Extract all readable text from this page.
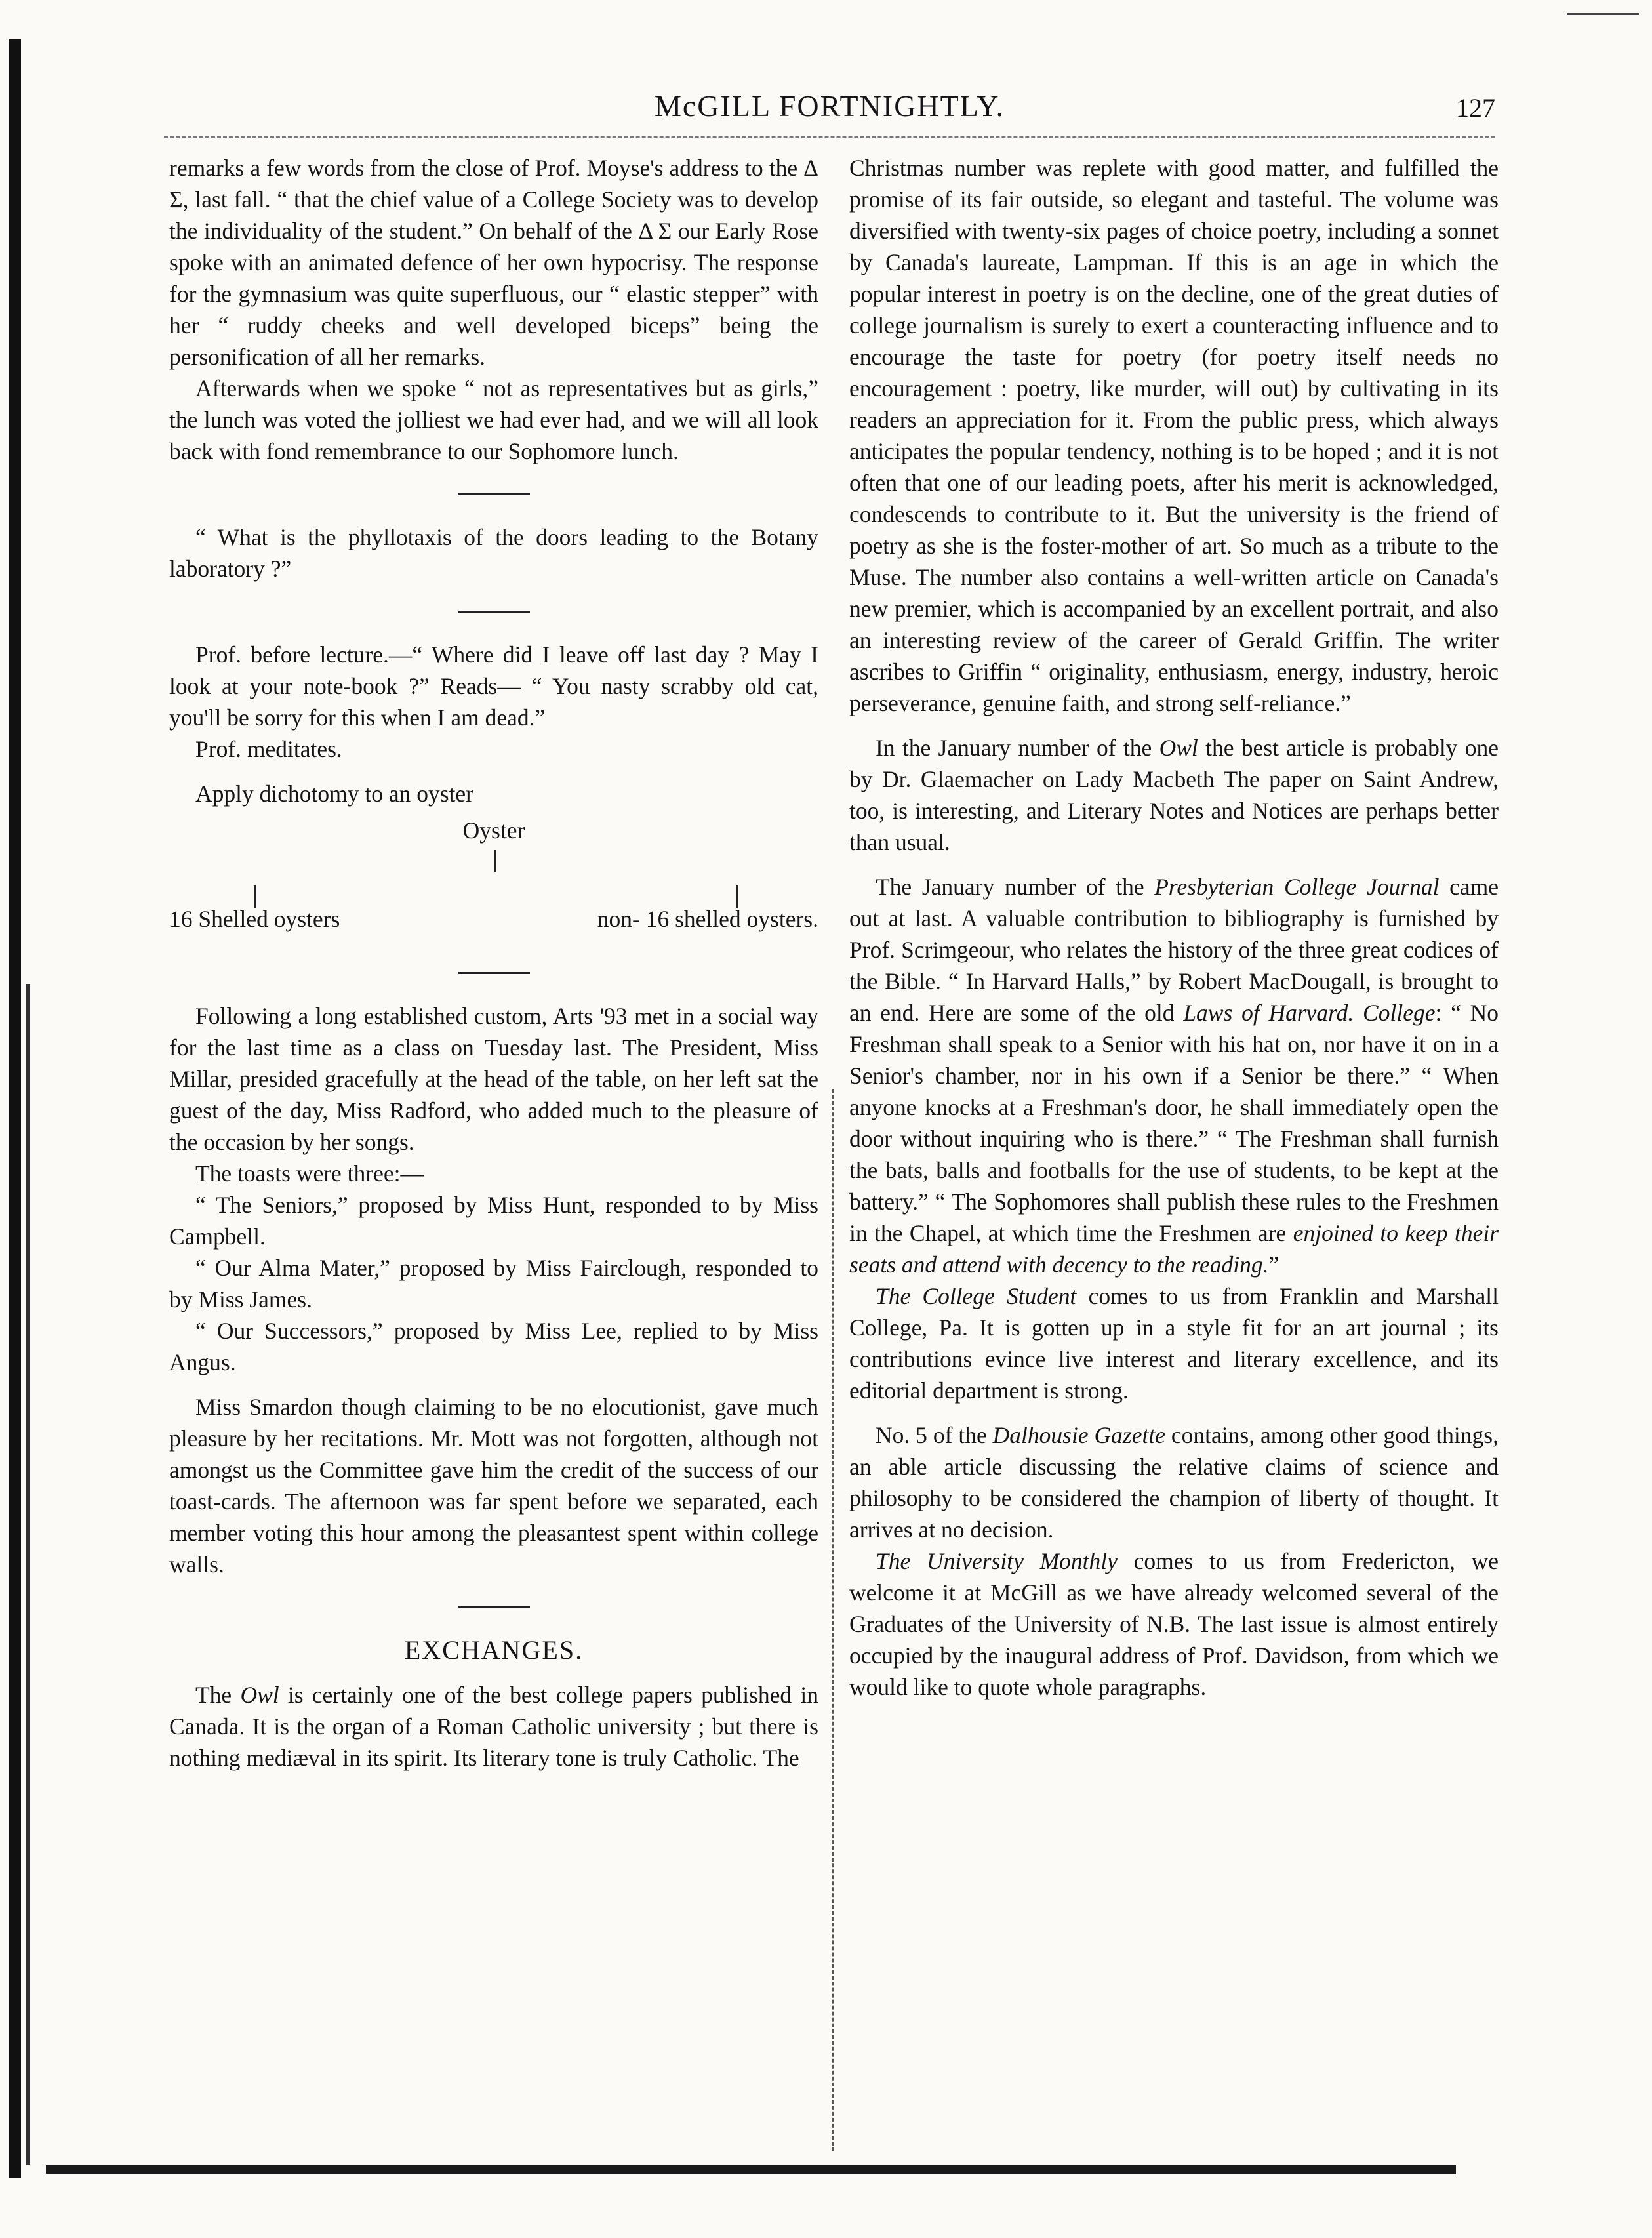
McGILL FORTNIGHTLY.	127

remarks a few words from the close of Prof. Moyse's address to the Δ Σ, last fall. “ that the chief value of a College Society was to develop the individuality of the student.” On behalf of the Δ Σ our Early Rose spoke with an animated defence of her own hypocrisy. The response for the gymnasium was quite superfluous, our “ elastic stepper” with her “ ruddy cheeks and well developed biceps” being the personification of all her remarks.

Afterwards when we spoke “ not as representatives but as girls,” the lunch was voted the jolliest we had ever had, and we will all look back with fond remembrance to our Sophomore lunch.

“ What is the phyllotaxis of the doors leading to the Botany laboratory ?”

Prof. before lecture.—“ Where did I leave off last day ? May I look at your note-book ?” Reads— “ You nasty scrabby old cat, you'll be sorry for this when I am dead.”

Prof. meditates.

Apply dichotomy to an oyster

Oyster
16 Shelled oysters	non- 16 shelled oysters.

Following a long established custom, Arts '93 met in a social way for the last time as a class on Tuesday last. The President, Miss Millar, presided gracefully at the head of the table, on her left sat the guest of the day, Miss Radford, who added much to the pleasure of the occasion by her songs.

The toasts were three:—

“ The Seniors,” proposed by Miss Hunt, responded to by Miss Campbell.

“ Our Alma Mater,” proposed by Miss Fairclough, responded to by Miss James.

“ Our Successors,” proposed by Miss Lee, replied to by Miss Angus.

Miss Smardon though claiming to be no elocutionist, gave much pleasure by her recitations. Mr. Mott was not forgotten, although not amongst us the Committee gave him the credit of the success of our toast-cards. The afternoon was far spent before we separated, each member voting this hour among the pleasantest spent within college walls.

EXCHANGES.

The Owl is certainly one of the best college papers published in Canada. It is the organ of a Roman Catholic university ; but there is nothing mediæval in its spirit. Its literary tone is truly Catholic. The

Christmas number was replete with good matter, and fulfilled the promise of its fair outside, so elegant and tasteful. The volume was diversified with twenty-six pages of choice poetry, including a sonnet by Canada's laureate, Lampman. If this is an age in which the popular interest in poetry is on the decline, one of the great duties of college journalism is surely to exert a counteracting influence and to encourage the taste for poetry (for poetry itself needs no encouragement : poetry, like murder, will out) by cultivating in its readers an appreciation for it. From the public press, which always anticipates the popular tendency, nothing is to be hoped ; and it is not often that one of our leading poets, after his merit is acknowledged, condescends to contribute to it. But the university is the friend of poetry as she is the foster-mother of art. So much as a tribute to the Muse. The number also contains a well-written article on Canada's new premier, which is accompanied by an excellent portrait, and also an interesting review of the career of Gerald Griffin. The writer ascribes to Griffin “ originality, enthusiasm, energy, industry, heroic perseverance, genuine faith, and strong self-reliance.”

In the January number of the Owl the best article is probably one by Dr. Glaemacher on Lady Macbeth The paper on Saint Andrew, too, is interesting, and Literary Notes and Notices are perhaps better than usual.

The January number of the Presbyterian College Journal came out at last. A valuable contribution to bibliography is furnished by Prof. Scrimgeour, who relates the history of the three great codices of the Bible. “ In Harvard Halls,” by Robert MacDougall, is brought to an end. Here are some of the old Laws of Harvard. College: “ No Freshman shall speak to a Senior with his hat on, nor have it on in a Senior's chamber, nor in his own if a Senior be there.” “ When anyone knocks at a Freshman's door, he shall immediately open the door without inquiring who is there.” “ The Freshman shall furnish the bats, balls and footballs for the use of students, to be kept at the battery.” “ The Sophomores shall publish these rules to the Freshmen in the Chapel, at which time the Freshmen are enjoined to keep their seats and attend with decency to the reading.”

The College Student comes to us from Franklin and Marshall College, Pa. It is gotten up in a style fit for an art journal ; its contributions evince live interest and literary excellence, and its editorial department is strong.

No. 5 of the Dalhousie Gazette contains, among other good things, an able article discussing the relative claims of science and philosophy to be considered the champion of liberty of thought. It arrives at no decision.

The University Monthly comes to us from Fredericton, we welcome it at McGill as we have already welcomed several of the Graduates of the University of N.B. The last issue is almost entirely occupied by the inaugural address of Prof. Davidson, from which we would like to quote whole paragraphs.
